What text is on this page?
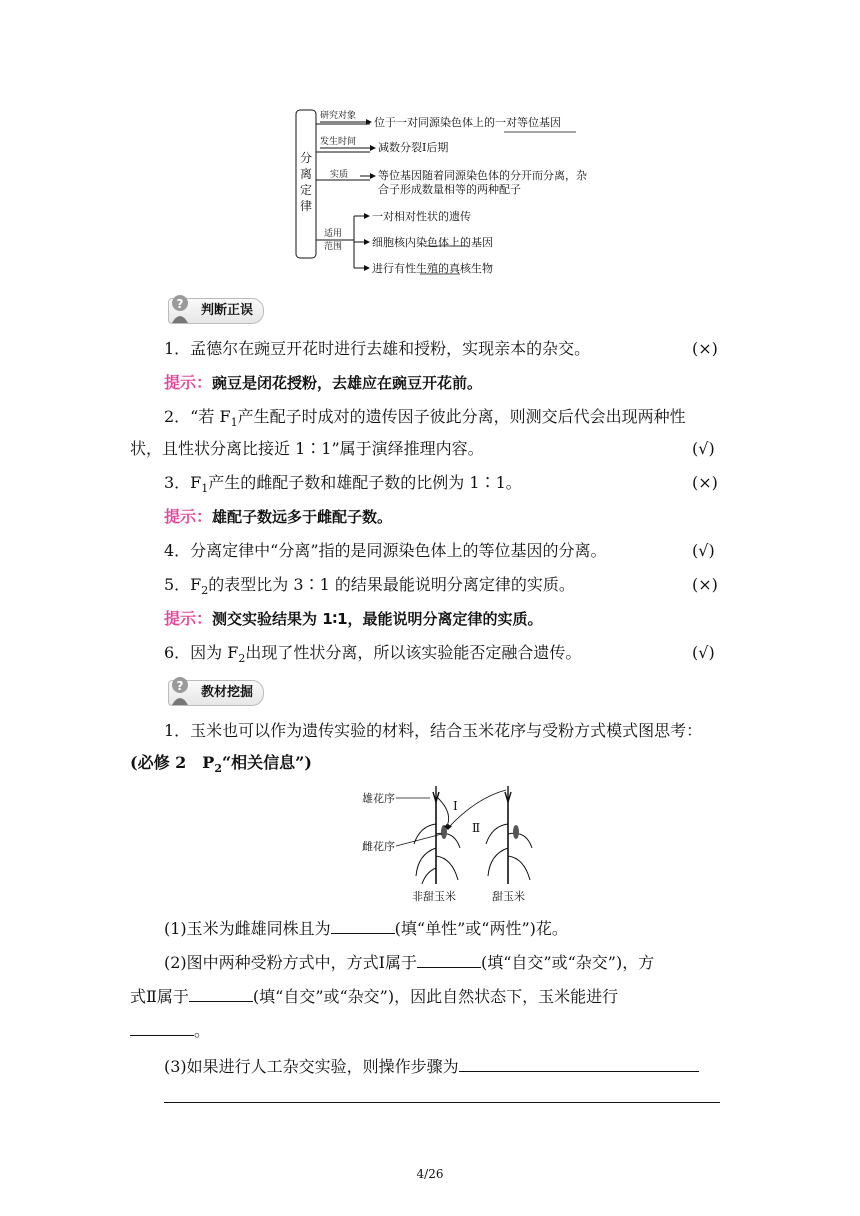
分
离
定
律
研究对象
发生时间
实质
适用
范围
位于一对同源染色体上的一对等位基因
减数分裂Ⅰ后期
等位基因随着同源染色体的分开而分离，杂
合子形成数量相等的两种配子
一对相对性状的遗传
细胞核内染色体上的基因
进行有性生殖的真核生物
? 判断正误
1．孟德尔在豌豆开花时进行去雄和授粉，实现亲本的杂交。	(×)
提示：豌豆是闭花授粉，去雄应在豌豆开花前。
2．“若 $F_1$产生配子时成对的遗传因子彼此分离，则测交后代会出现两种性
状，且性状分离比接近 1∶1”属于演绎推理内容。	(√)
3．$F_1$产生的雌配子数和雄配子数的比例为 1∶1。	(×)
提示：雄配子数远多于雌配子数。
4．分离定律中“分离”指的是同源染色体上的等位基因的分离。	(√)
5．$F_2$的表型比为 3∶1 的结果最能说明分离定律的实质。	(×)
提示：测交实验结果为 1∶1，最能说明分离定律的实质。
6．因为 $F_2$出现了性状分离，所以该实验能否定融合遗传。	(√)
? 教材挖掘
1．玉米也可以作为遗传实验的材料，结合玉米花序与受粉方式模式图思考：
(必修 2　$P_2“$相关信息”)
雄花序
雌花序
Ⅰ
Ⅱ
非甜玉米	甜玉米
(1)玉米为雌雄同株且为	(填“单性”或“两性”)花。
(2)图中两种受粉方式中，方式Ⅰ属于	(填“自交”或“杂交”)，方
式Ⅱ属于	(填“自交”或“杂交”)，因此自然状态下，玉米能进行
。
(3)如果进行人工杂交实验，则操作步骤为
4/26
